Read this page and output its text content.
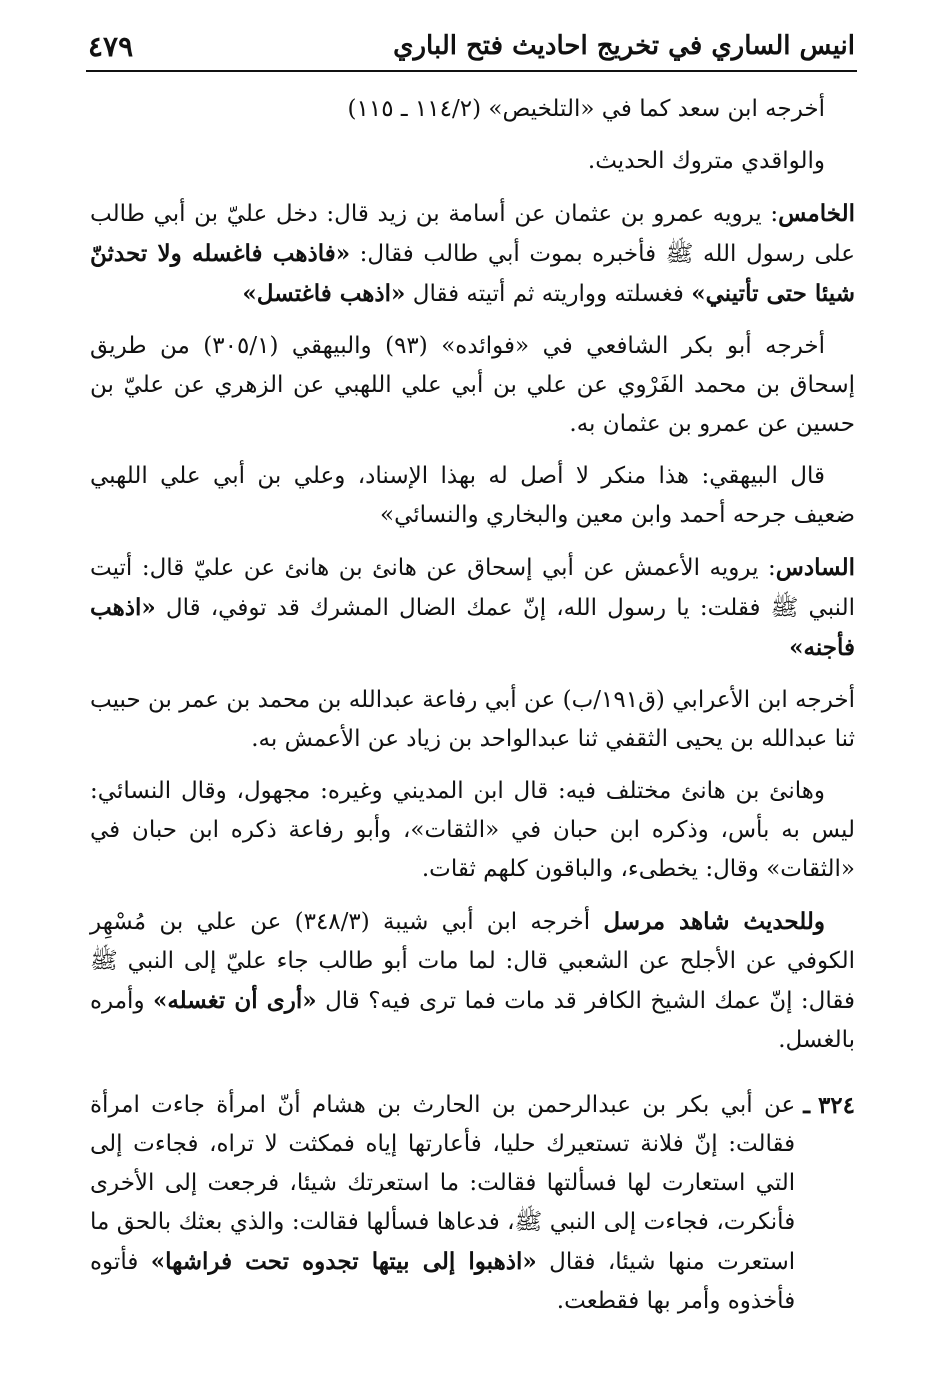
انيس الساري في تخريج احاديث فتح الباري
٤٧٩

أخرجه ابن سعد كما في «التلخيص» (١١٤/٢ ـ ١١٥)

والواقدي متروك الحديث.

الخامس: يرويه عمرو بن عثمان عن أسامة بن زيد قال: دخل عليّ بن أبي طالب على رسول الله ﷺ فأخبره بموت أبي طالب فقال: «فاذهب فاغسله ولا تحدثنّ شيئا حتى تأتيني» فغسلته وواريته ثم أتيته فقال «اذهب فاغتسل»

أخرجه أبو بكر الشافعي في «فوائده» (٩٣) والبيهقي (٣٠٥/١) من طريق إسحاق بن محمد الفَرْوي عن علي بن أبي علي اللهبي عن الزهري عن عليّ بن حسين عن عمرو بن عثمان به.

قال البيهقي: هذا منكر لا أصل له بهذا الإسناد، وعلي بن أبي علي اللهبي ضعيف جرحه أحمد وابن معين والبخاري والنسائي»

السادس: يرويه الأعمش عن أبي إسحاق عن هانئ بن هانئ عن عليّ قال: أتيت النبي ﷺ فقلت: يا رسول الله، إنّ عمك الضال المشرك قد توفي، قال «اذهب فأجنه»

أخرجه ابن الأعرابي (ق١٩١/ب) عن أبي رفاعة عبدالله بن محمد بن عمر بن حبيب ثنا عبدالله بن يحيى الثقفي ثنا عبدالواحد بن زياد عن الأعمش به.

وهانئ بن هانئ مختلف فيه: قال ابن المديني وغيره: مجهول، وقال النسائي: ليس به بأس، وذكره ابن حبان في «الثقات»، وأبو رفاعة ذكره ابن حبان في «الثقات» وقال: يخطىء، والباقون كلهم ثقات.

وللحديث شاهد مرسل أخرجه ابن أبي شيبة (٣٤٨/٣) عن علي بن مُسْهِر الكوفي عن الأجلح عن الشعبي قال: لما مات أبو طالب جاء عليّ إلى النبي ﷺ فقال: إنّ عمك الشيخ الكافر قد مات فما ترى فيه؟ قال «أرى أن تغسله» وأمره بالغسل.

٣٢٤ ـ
عن أبي بكر بن عبدالرحمن بن الحارث بن هشام أنّ امرأة جاءت امرأة فقالت: إنّ فلانة تستعيرك حليا، فأعارتها إياه فمكثت لا تراه، فجاءت إلى التي استعارت لها فسألتها فقالت: ما استعرتك شيئا، فرجعت إلى الأخرى فأنكرت، فجاءت إلى النبي ﷺ، فدعاها فسألها فقالت: والذي بعثك بالحق ما استعرت منها شيئا، فقال «اذهبوا إلى بيتها تجدوه تحت فراشها» فأتوه فأخذوه وأمر بها فقطعت.
